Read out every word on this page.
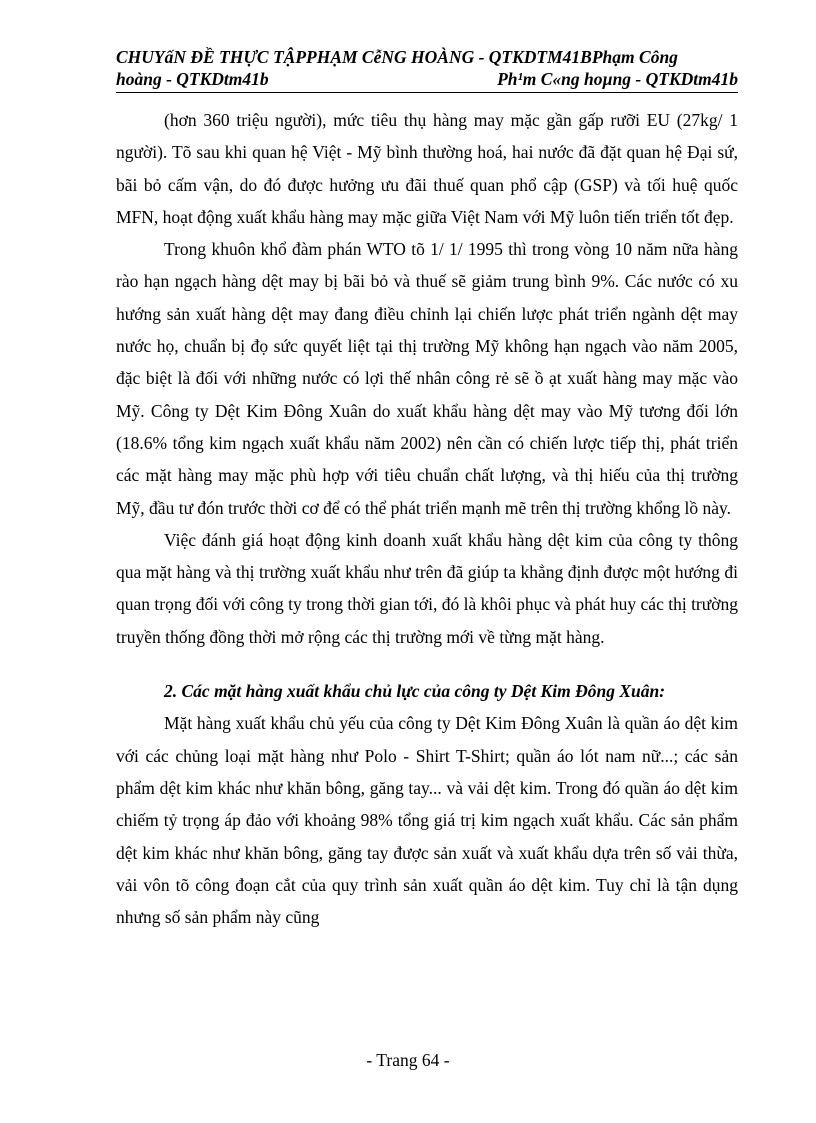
CHUYấN ĐỀ THỰC TẬPPHẠM CễNG HOÀNG - QTKDTM41BPhạm Công
hoàng - QTKDtm41b	Ph¹m C«ng hoµng - QTKDtm41b

(hơn 360 triệu người), mức tiêu thụ hàng may mặc gần gấp rưỡi EU (27kg/ 1 người). Tõ sau khi quan hệ Việt - Mỹ bình thường hoá, hai nước đã đặt quan hệ Đại sứ, bãi bỏ cấm vận, do đó được hưởng ưu đãi thuế quan phổ cập (GSP) và tối huệ quốc MFN, hoạt động xuất khẩu hàng may mặc giữa Việt Nam với Mỹ luôn tiến triển tốt đẹp.

Trong khuôn khổ đàm phán WTO tõ 1/ 1/ 1995 thì trong vòng 10 năm nữa hàng rào hạn ngạch hàng dệt may bị bãi bỏ và thuế sẽ giảm trung bình 9%. Các nước có xu hướng sản xuất hàng dệt may đang điều chỉnh lại chiến lược phát triển ngành dệt may nước họ, chuẩn bị đọ sức quyết liệt tại thị trường Mỹ không hạn ngạch vào năm 2005, đặc biệt là đối với những nước có lợi thế nhân công rẻ sẽ ồ ạt xuất hàng may mặc vào Mỹ. Công ty Dệt Kim Đông Xuân do xuất khẩu hàng dệt may vào Mỹ tương đối lớn (18.6% tổng kim ngạch xuất khẩu năm 2002) nên cần có chiến lược tiếp thị, phát triển các mặt hàng may mặc phù hợp với tiêu chuẩn chất lượng, và thị hiếu của thị trường Mỹ, đầu tư đón trước thời cơ để có thể phát triển mạnh mẽ trên thị trường khổng lồ này.

Việc đánh giá hoạt động kinh doanh xuất khẩu hàng dệt kim của công ty thông qua mặt hàng và thị trường xuất khẩu như trên đã giúp ta khẳng định được một hướng đi quan trọng đối với công ty trong thời gian tới, đó là khôi phục và phát huy các thị trường truyền thống đồng thời mở rộng các thị trường mới về từng mặt hàng.

2. Các mặt hàng xuất khẩu chủ lực của công ty Dệt Kim Đông Xuân:

Mặt hàng xuất khẩu chủ yếu của công ty Dệt Kim Đông Xuân là quần áo dệt kim với các chủng loại mặt hàng như Polo - Shirt T-Shirt; quần áo lót nam nữ...; các sản phẩm dệt kim khác như khăn bông, găng tay... và vải dệt kim. Trong đó quần áo dệt kim chiếm tỷ trọng áp đảo với khoảng 98% tổng giá trị kim ngạch xuất khẩu. Các sản phẩm dệt kim khác như khăn bông, găng tay được sản xuất và xuất khẩu dựa trên số vải thừa, vải vôn tõ công đoạn cắt của quy trình sản xuất quần áo dệt kim. Tuy chỉ là tận dụng nhưng số sản phẩm này cũng

- Trang 64 -
